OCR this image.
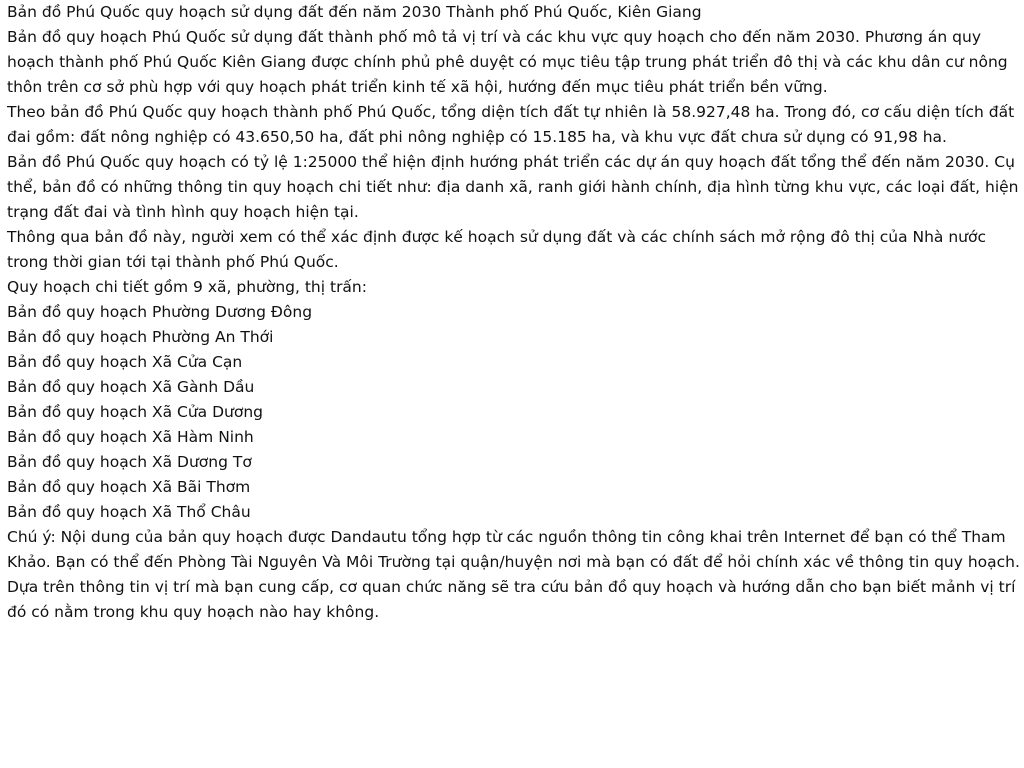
Bản đồ Phú Quốc quy hoạch sử dụng đất đến năm 2030 Thành phố Phú Quốc, Kiên Giang

Bản đồ quy hoạch Phú Quốc sử dụng đất thành phố mô tả vị trí và các khu vực quy hoạch cho đến năm 2030. Phương án quy hoạch thành phố Phú Quốc Kiên Giang được chính phủ phê duyệt có mục tiêu tập trung phát triển đô thị và các khu dân cư nông thôn trên cơ sở phù hợp với quy hoạch phát triển kinh tế xã hội, hướng đến mục tiêu phát triển bền vững.

Theo bản đồ Phú Quốc quy hoạch thành phố Phú Quốc, tổng diện tích đất tự nhiên là 58.927,48 ha. Trong đó, cơ cấu diện tích đất đai gồm: đất nông nghiệp có 43.650,50 ha, đất phi nông nghiệp có 15.185 ha, và khu vực đất chưa sử dụng có 91,98 ha.

Bản đồ Phú Quốc quy hoạch có tỷ lệ 1:25000 thể hiện định hướng phát triển các dự án quy hoạch đất tổng thể đến năm 2030. Cụ thể, bản đồ có những thông tin quy hoạch chi tiết như: địa danh xã, ranh giới hành chính, địa hình từng khu vực, các loại đất, hiện trạng đất đai và tình hình quy hoạch hiện tại.

Thông qua bản đồ này, người xem có thể xác định được kế hoạch sử dụng đất và các chính sách mở rộng đô thị của Nhà nước trong thời gian tới tại thành phố Phú Quốc.

Quy hoạch chi tiết gồm 9 xã, phường, thị trấn:

Bản đồ quy hoạch Phường Dương Đông
Bản đồ quy hoạch Phường An Thới
Bản đồ quy hoạch Xã Cửa Cạn
Bản đồ quy hoạch Xã Gành Dầu
Bản đồ quy hoạch Xã Cửa Dương
Bản đồ quy hoạch Xã Hàm Ninh
Bản đồ quy hoạch Xã Dương Tơ
Bản đồ quy hoạch Xã Bãi Thơm
Bản đồ quy hoạch Xã Thổ Châu

Chú ý: Nội dung của bản quy hoạch được Dandautu tổng hợp từ các nguồn thông tin công khai trên Internet để bạn có thể Tham Khảo. Bạn có thể đến Phòng Tài Nguyên Và Môi Trường tại quận/huyện nơi mà bạn có đất để hỏi chính xác về thông tin quy hoạch. Dựa trên thông tin vị trí mà bạn cung cấp, cơ quan chức năng sẽ tra cứu bản đồ quy hoạch và hướng dẫn cho bạn biết mảnh vị trí đó có nằm trong khu quy hoạch nào hay không.
